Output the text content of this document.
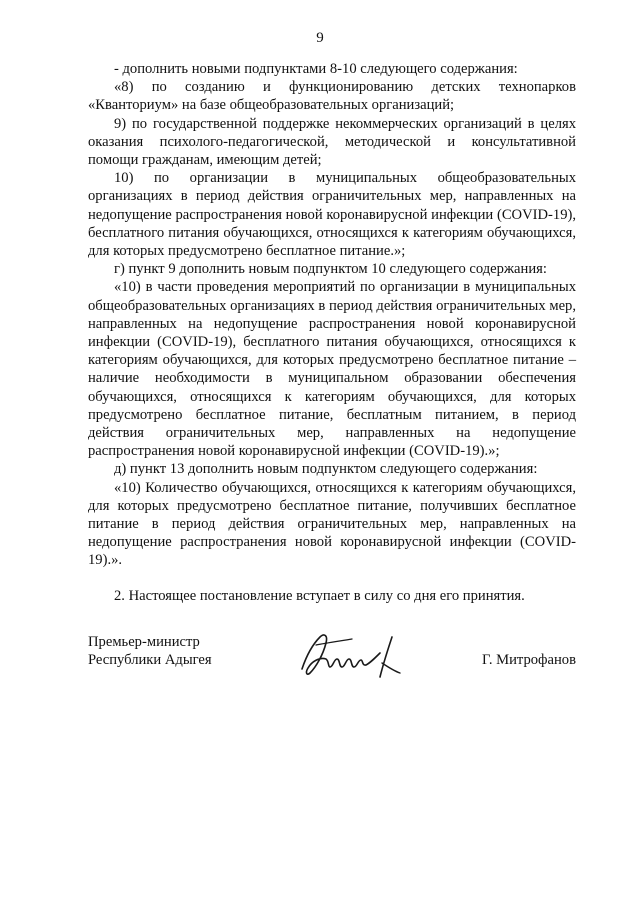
9

- дополнить новыми подпунктами 8-10 следующего содержания:

«8) по созданию и функционированию детских технопарков «Кванториум» на базе общеобразовательных организаций;

9) по государственной поддержке некоммерческих организаций в целях оказания психолого-педагогической, методической и консультативной помощи гражданам, имеющим детей;

10) по организации в муниципальных общеобразовательных организациях в период действия ограничительных мер, направленных на недопущение распространения новой коронавирусной инфекции (COVID-19), бесплатного питания обучающихся, относящихся к категориям обучающихся, для которых предусмотрено бесплатное питание.»;

г) пункт 9 дополнить новым подпунктом 10 следующего содержания:

«10) в части проведения мероприятий по организации в муниципальных общеобразовательных организациях в период действия ограничительных мер, направленных на недопущение распространения новой коронавирусной инфекции (COVID-19), бесплатного питания обучающихся, относящихся к категориям обучающихся, для которых предусмотрено бесплатное питание – наличие необходимости в муниципальном образовании обеспечения обучающихся, относящихся к категориям обучающихся, для которых предусмотрено бесплатное питание, бесплатным питанием, в период действия ограничительных мер, направленных на недопущение распространения новой коронавирусной инфекции (COVID-19).»;

д) пункт 13 дополнить новым подпунктом следующего содержания:

«10) Количество обучающихся, относящихся к категориям обучающихся, для которых предусмотрено бесплатное питание, получивших бесплатное питание в период действия ограничительных мер, направленных на недопущение распространения новой коронавирусной инфекции (COVID-19).».

2. Настоящее постановление вступает в силу со дня его принятия.

Премьер-министр
Республики Адыгея	Г. Митрофанов
